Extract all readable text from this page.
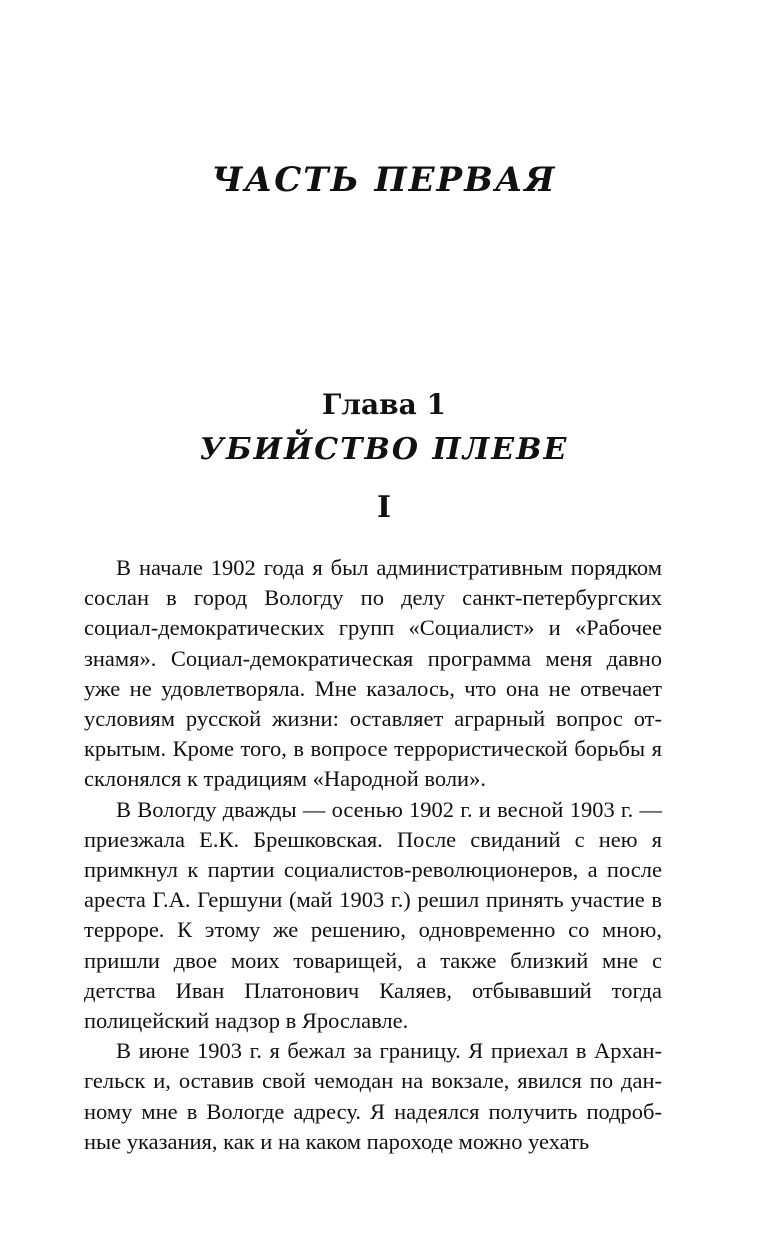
ЧАСТЬ ПЕРВАЯ
Глава 1
УБИЙСТВО ПЛЕВЕ
I

В начале 1902 года я был административным порядком сослан в город Вологду по делу санкт-петербургских социал-демократических групп «Социалист» и «Рабочее знамя». Социал-демократическая программа меня давно уже не удовлетворяла. Мне казалось, что она не отвечает условиям русской жизни: оставляет аграрный вопрос открытым. Кроме того, в вопросе террористической борьбы я склонялся к традициям «Народной воли».

В Вологду дважды — осенью 1902 г. и весной 1903 г. — приезжала Е.К. Брешковская. После свиданий с нею я примкнул к партии социалистов-революционеров, а после ареста Г.А. Гершуни (май 1903 г.) решил принять участие в терроре. К этому же решению, одновременно со мною, пришли двое моих товарищей, а также близкий мне с детства Иван Платонович Каляев, отбывавший тогда полицейский надзор в Ярославле.

В июне 1903 г. я бежал за границу. Я приехал в Архангельск и, оставив свой чемодан на вокзале, явился по данному мне в Вологде адресу. Я надеялся получить подробные указания, как и на каком пароходе можно уехать
